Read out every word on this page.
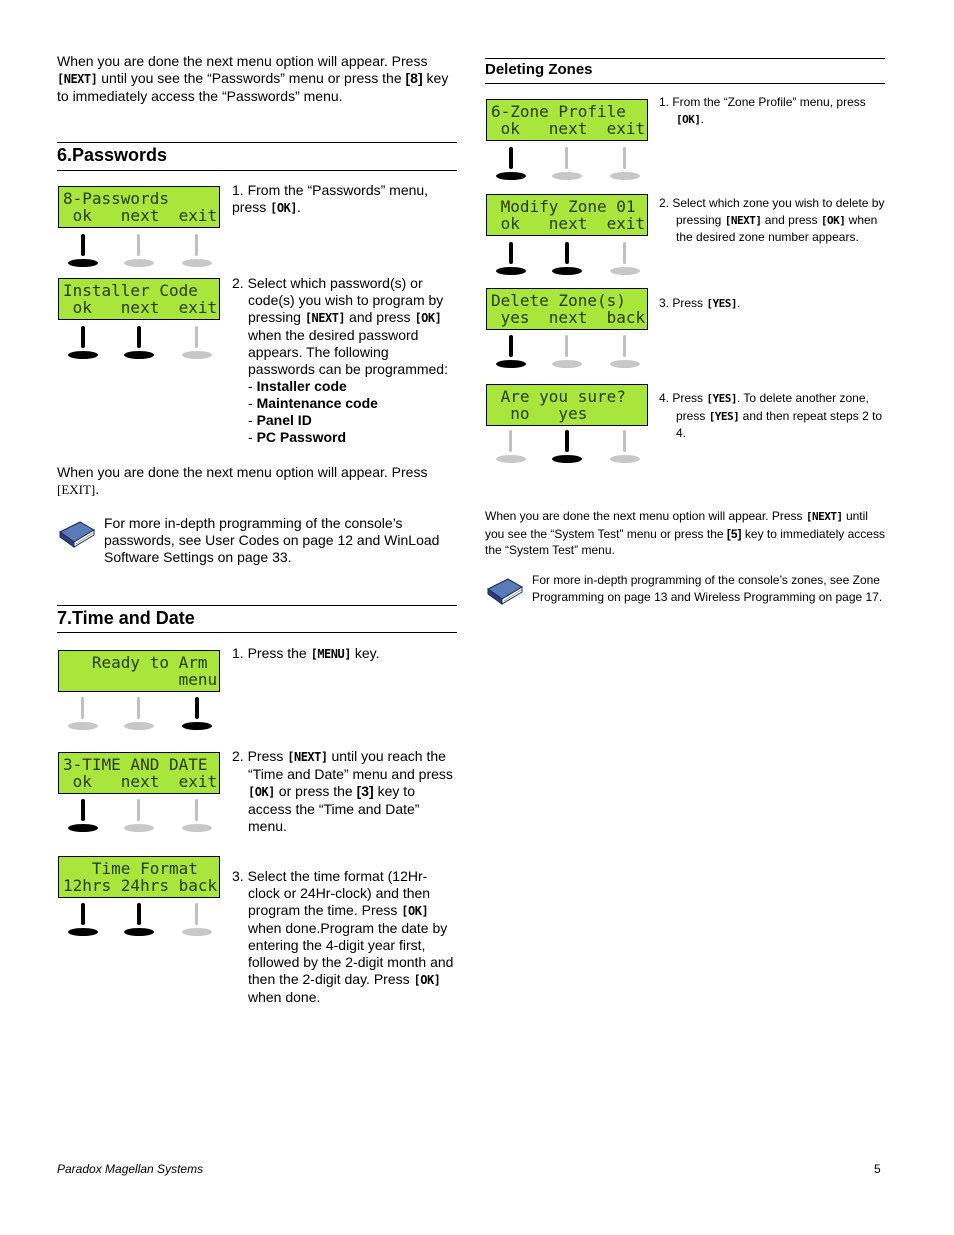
When you are done the next menu option will appear. Press [NEXT] until you see the “Passwords” menu or press the [8] key to immediately access the “Passwords” menu.
6.Passwords
8-Passwords
ok   next  exit
1. From the “Passwords” menu, press [OK].
Installer Code
ok   next  exit
2. Select which password(s) or code(s) you wish to program by pressing [NEXT] and press [OK] when the desired password appears. The following passwords can be programmed:
- Installer code
- Maintenance code
- Panel ID
- PC Password
When you are done the next menu option will appear. Press [EXIT].
For more in-depth programming of the console’s passwords, see User Codes on page 12 and WinLoad Software Settings on page 33.
7.Time and Date
Ready to Arm
menu
1. Press the [MENU] key.
3-TIME AND DATE
ok   next  exit
2. Press [NEXT] until you reach the “Time and Date” menu and press [OK] or press the [3] key to access the “Time and Date” menu.
Time Format
12hrs 24hrs back 3. Select the time format (12Hr-clock or 24Hr-clock) and then program the time. Press [OK] when done.Program the date by entering the 4-digit year first, followed by the 2-digit month and then the 2-digit day. Press [OK] when done.
Deleting Zones
6-Zone Profile
ok   next  exit
1. From the “Zone Profile” menu, press [OK].
Modify Zone 01
ok   next  exit
2. Select which zone you wish to delete by pressing [NEXT] and press [OK] when the desired zone number appears.
Delete Zone(s)
yes  next  back
3. Press [YES].
Are you sure?
no   yes
4. Press [YES]. To delete another zone, press [YES] and then repeat steps 2 to 4.
When you are done the next menu option will appear. Press [NEXT] until you see the “System Test” menu or press the [5] key to immediately access the “System Test” menu.
For more in-depth programming of the console’s zones, see Zone Programming on page 13 and Wireless Programming on page 17.
Paradox Magellan Systems	5
